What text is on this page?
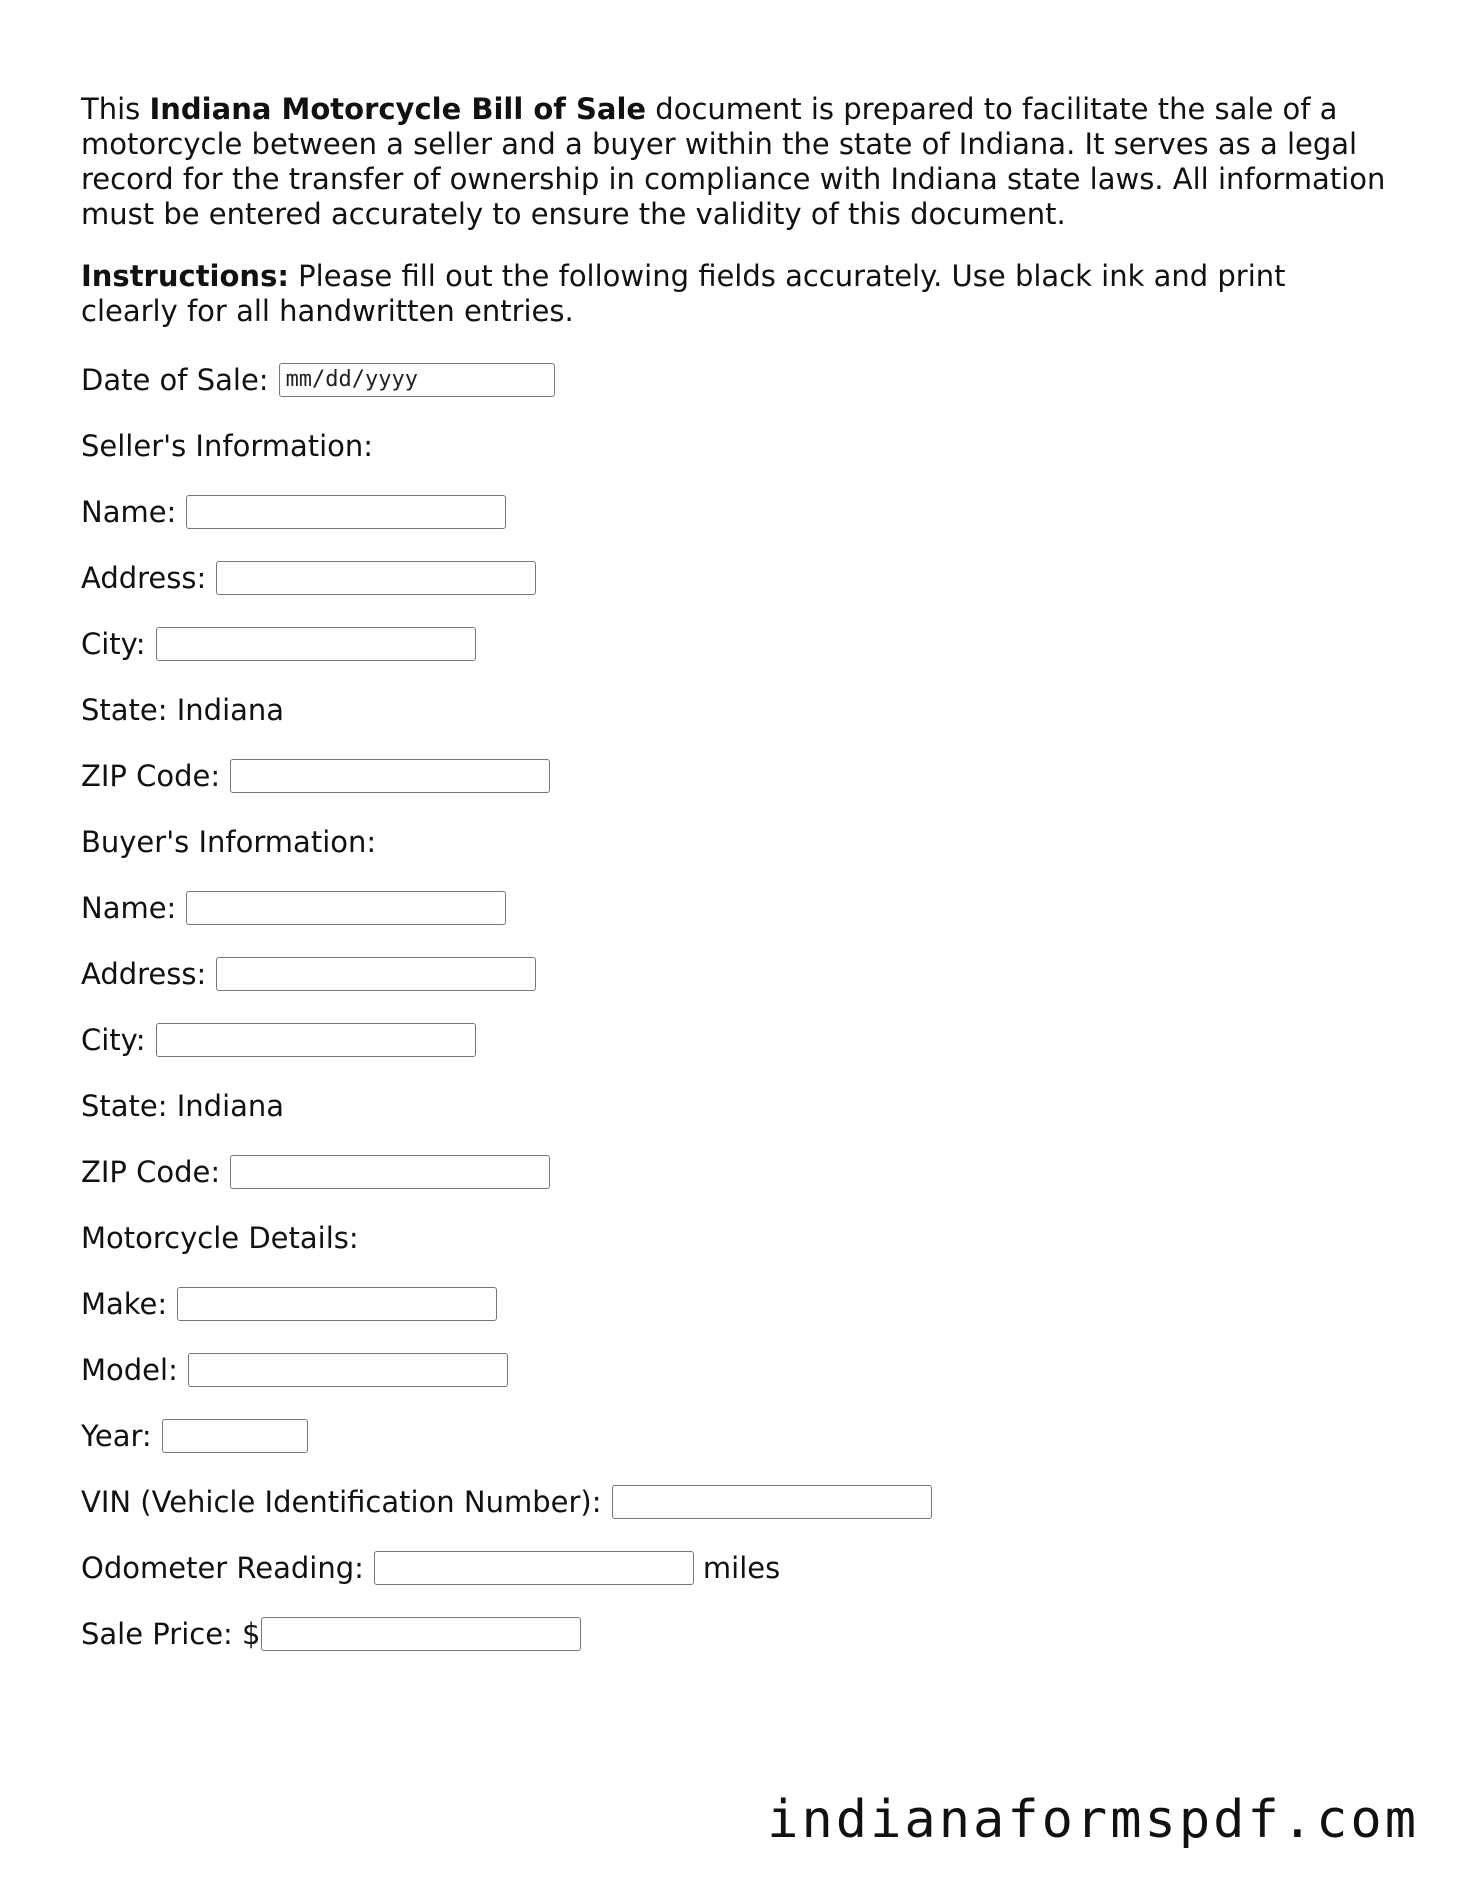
This Indiana Motorcycle Bill of Sale document is prepared to facilitate the sale of a motorcycle between a seller and a buyer within the state of Indiana. It serves as a legal record for the transfer of ownership in compliance with Indiana state laws. All information must be entered accurately to ensure the validity of this document.

Instructions: Please fill out the following fields accurately. Use black ink and print clearly for all handwritten entries.

Date of Sale: mm/dd/yyyy
Seller's Information:
Name:
Address:
City:
State: Indiana
ZIP Code:
Buyer's Information:
Name:
Address:
City:
State: Indiana
ZIP Code:
Motorcycle Details:
Make:
Model:
Year:
VIN (Vehicle Identification Number):
Odometer Reading:	miles
Sale Price: $
indianaformspdf.com
